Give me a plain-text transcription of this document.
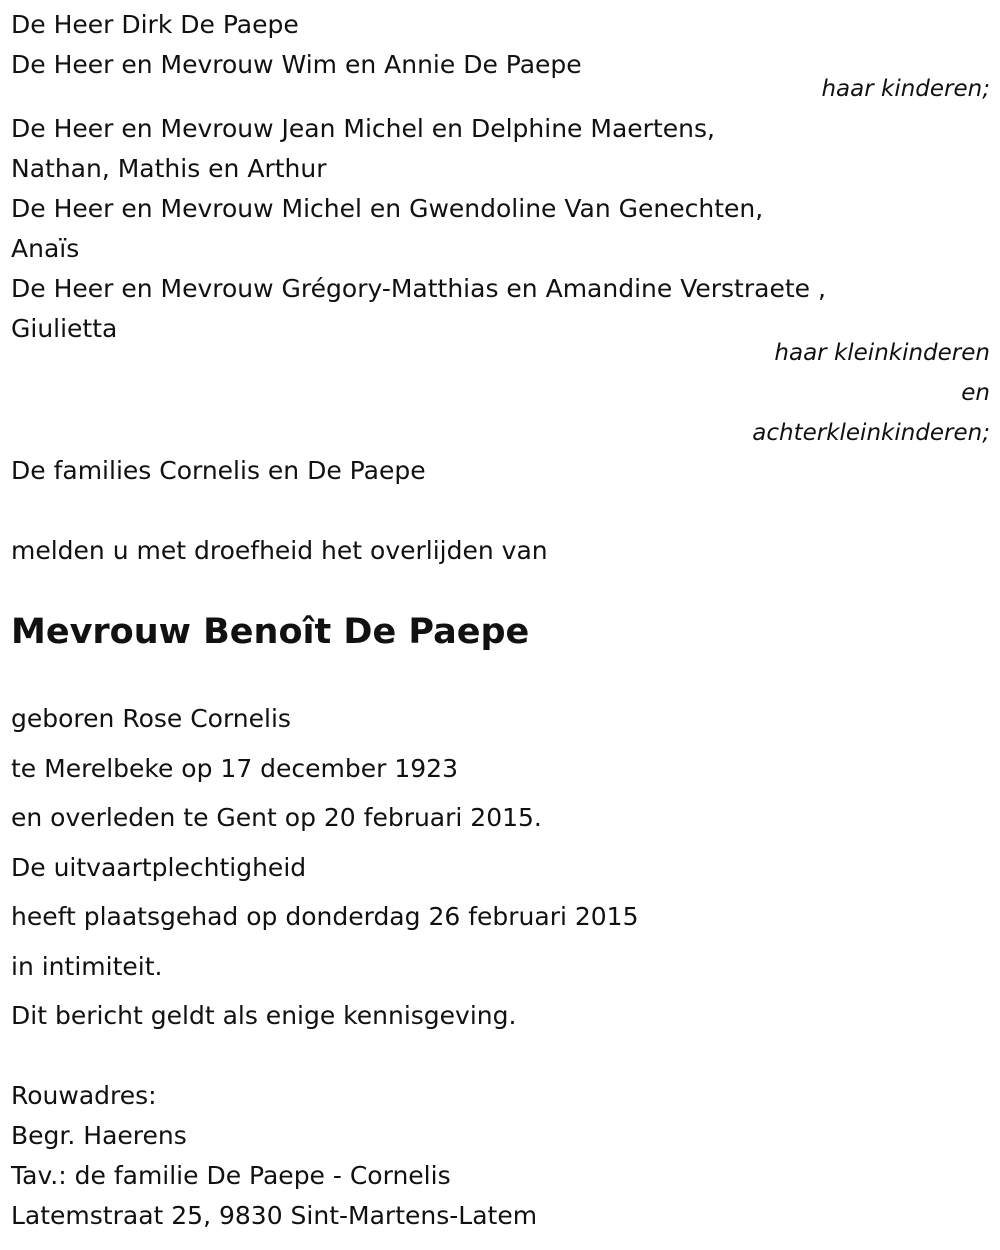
De Heer Dirk De Paepe
De Heer en Mevrouw Wim en Annie De Paepe
haar kinderen;
De Heer en Mevrouw Jean Michel en Delphine Maertens,
Nathan, Mathis en Arthur
De Heer en Mevrouw Michel en Gwendoline Van Genechten,
Anaïs
De Heer en Mevrouw Grégory-Matthias en Amandine Verstraete ,
Giulietta
haar kleinkinderen
en
achterkleinkinderen;
De families Cornelis en De Paepe
melden u met droefheid het overlijden van
Mevrouw Benoît De Paepe
geboren Rose Cornelis
te Merelbeke op 17 december 1923
en overleden te Gent op 20 februari 2015.
De uitvaartplechtigheid
heeft plaatsgehad op donderdag 26 februari 2015
in intimiteit.
Dit bericht geldt als enige kennisgeving.
Rouwadres:
Begr. Haerens
Tav.: de familie De Paepe - Cornelis
Latemstraat 25, 9830 Sint-Martens-Latem
